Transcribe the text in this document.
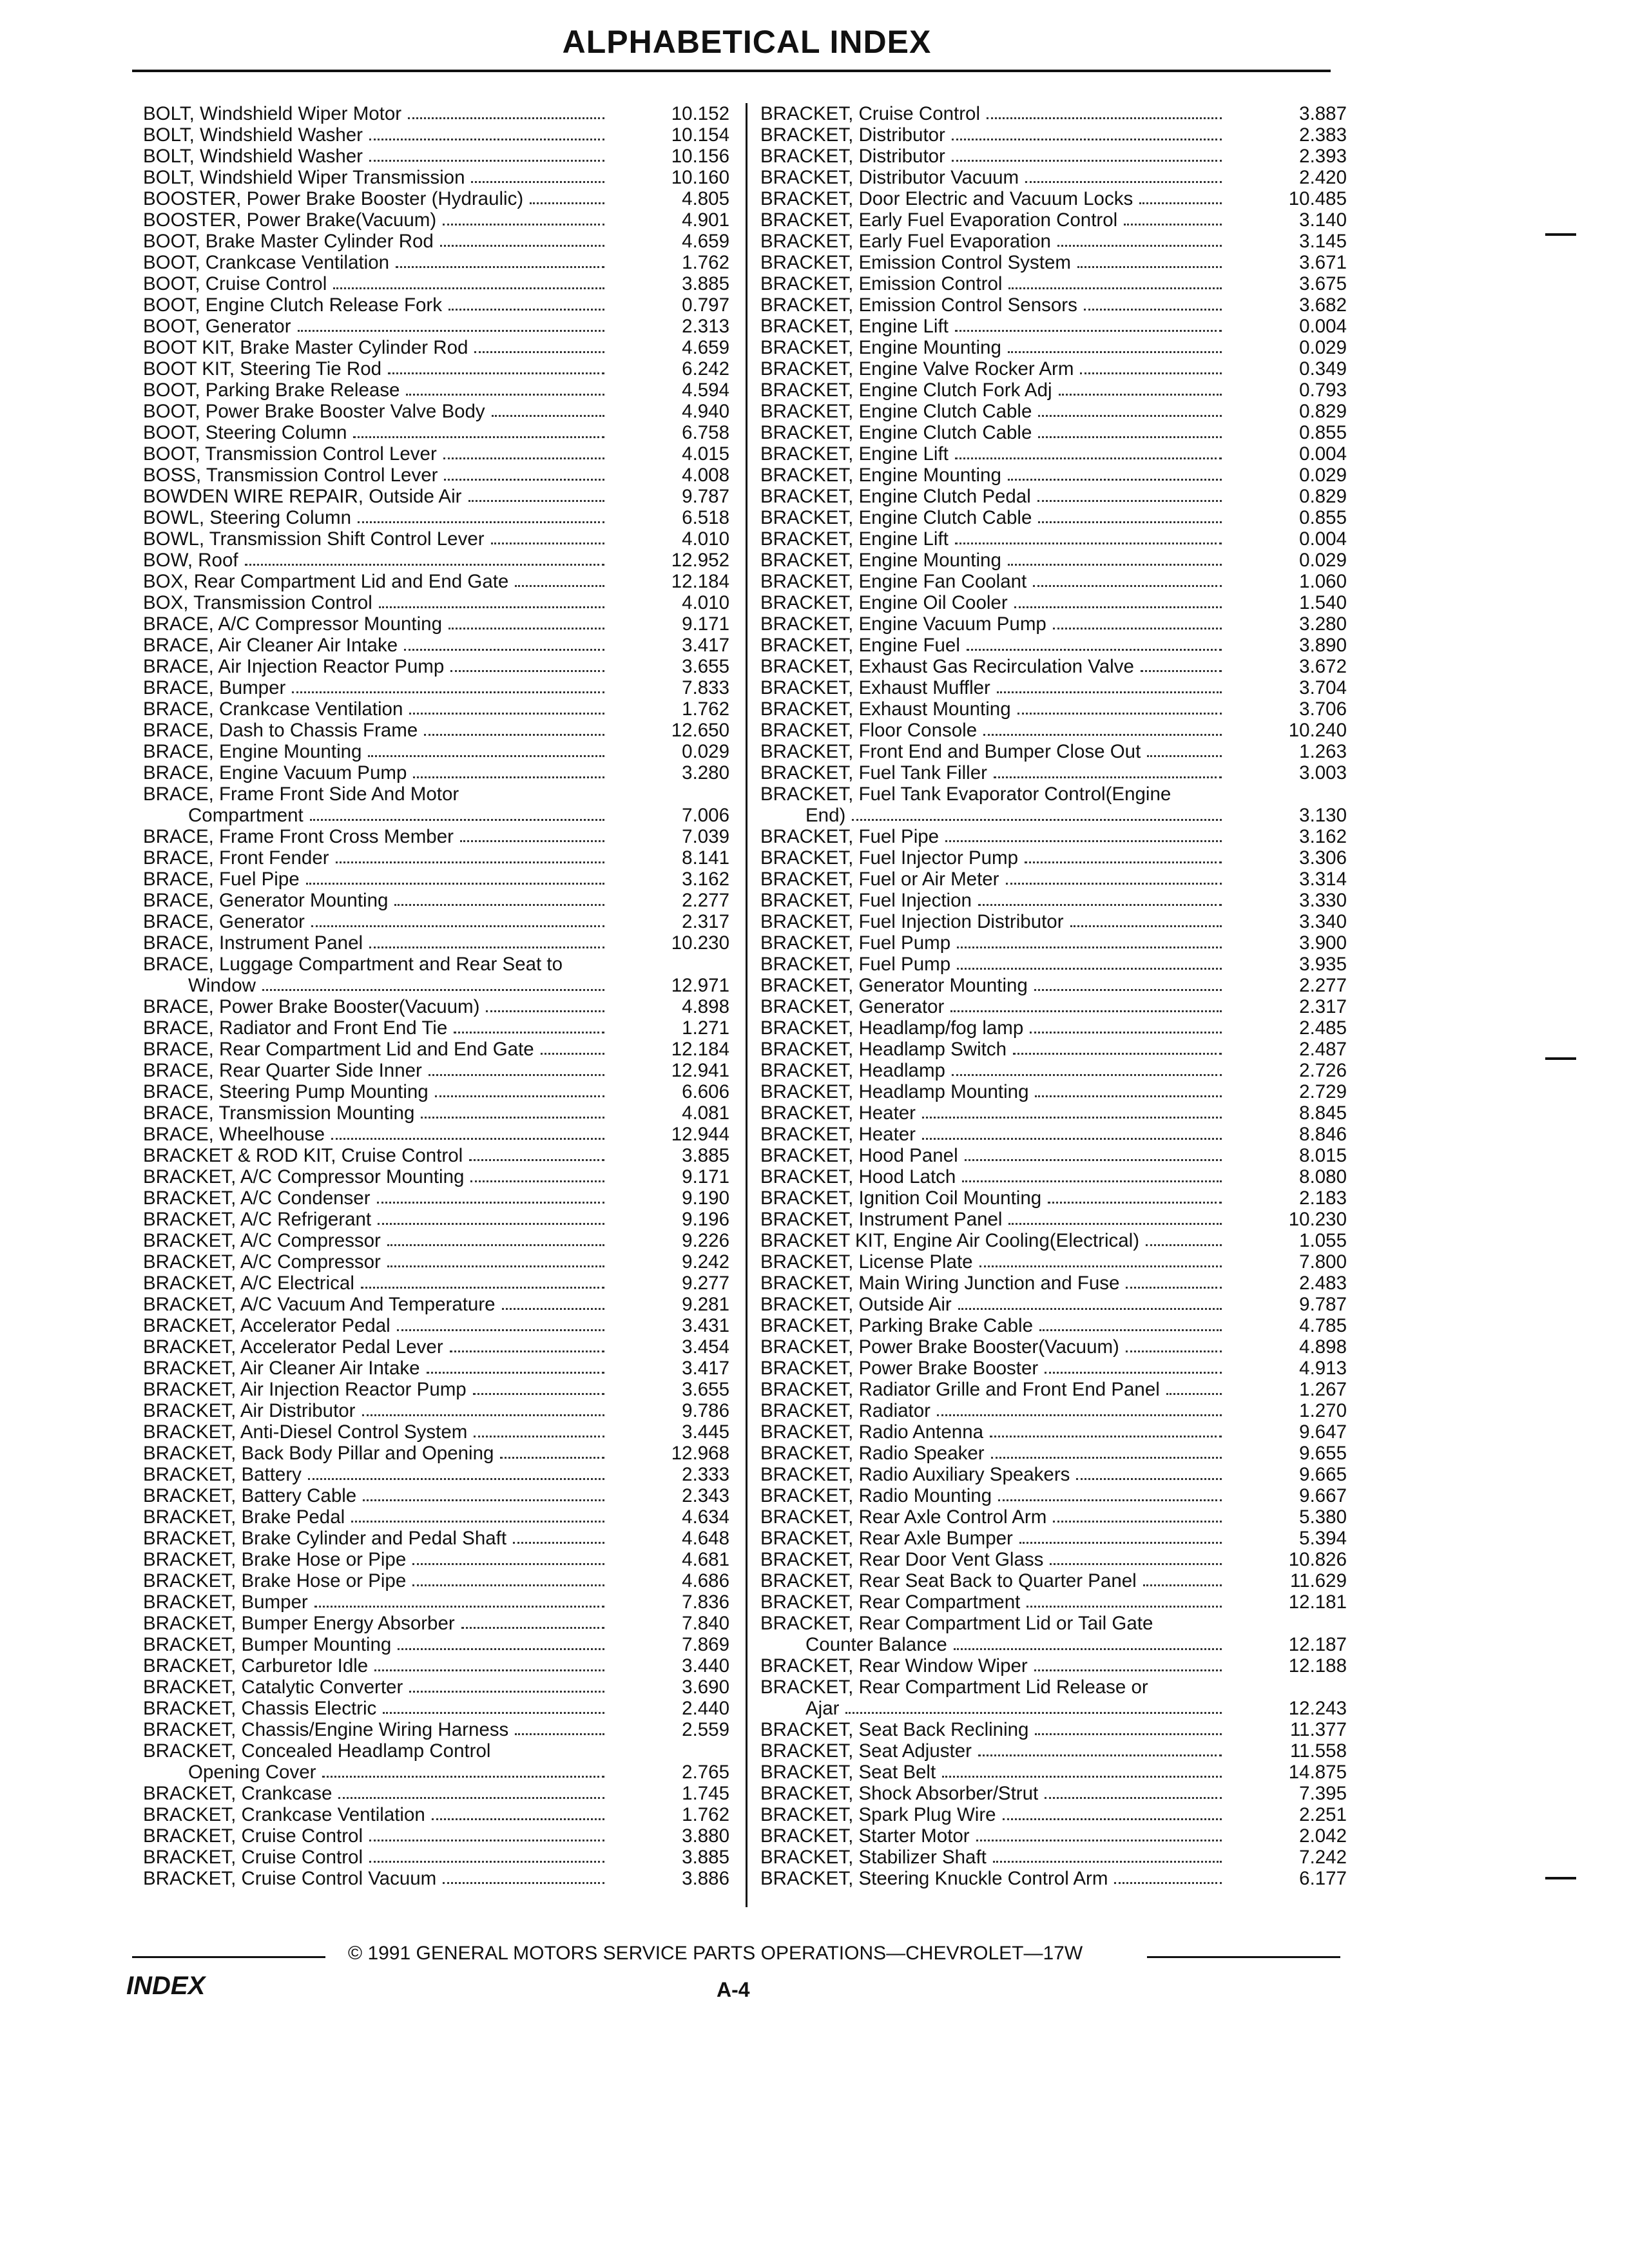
ALPHABETICAL INDEX
BOLT, Windshield Wiper Motor	10.152
BOLT, Windshield Washer	10.154
BOLT, Windshield Washer	10.156
BOLT, Windshield Wiper Transmission	10.160
BOOSTER, Power Brake Booster (Hydraulic)	4.805
BOOSTER, Power Brake(Vacuum)	4.901
BOOT, Brake Master Cylinder Rod	4.659
BOOT, Crankcase Ventilation	1.762
BOOT, Cruise Control	3.885
BOOT, Engine Clutch Release Fork	0.797
BOOT, Generator	2.313
BOOT KIT, Brake Master Cylinder Rod	4.659
BOOT KIT, Steering Tie Rod	6.242
BOOT, Parking Brake Release	4.594
BOOT, Power Brake Booster Valve Body	4.940
BOOT, Steering Column	6.758
BOOT, Transmission Control Lever	4.015
BOSS, Transmission Control Lever	4.008
BOWDEN WIRE REPAIR, Outside Air	9.787
BOWL, Steering Column	6.518
BOWL, Transmission Shift Control Lever	4.010
BOW, Roof	12.952
BOX, Rear Compartment Lid and End Gate	12.184
BOX, Transmission Control	4.010
BRACE, A/C Compressor Mounting	9.171
BRACE, Air Cleaner Air Intake	3.417
BRACE, Air Injection Reactor Pump	3.655
BRACE, Bumper	7.833
BRACE, Crankcase Ventilation	1.762
BRACE, Dash to Chassis Frame	12.650
BRACE, Engine Mounting	0.029
BRACE, Engine Vacuum Pump	3.280
BRACE, Frame Front Side And Motor
Compartment	7.006
BRACE, Frame Front Cross Member	7.039
BRACE, Front Fender	8.141
BRACE, Fuel Pipe	3.162
BRACE, Generator Mounting	2.277
BRACE, Generator	2.317
BRACE, Instrument Panel	10.230
BRACE, Luggage Compartment and Rear Seat to
Window	12.971
BRACE, Power Brake Booster(Vacuum)	4.898
BRACE, Radiator and Front End Tie	1.271
BRACE, Rear Compartment Lid and End Gate	12.184
BRACE, Rear Quarter Side Inner	12.941
BRACE, Steering Pump Mounting	6.606
BRACE, Transmission Mounting	4.081
BRACE, Wheelhouse	12.944
BRACKET & ROD KIT, Cruise Control	3.885
BRACKET, A/C Compressor Mounting	9.171
BRACKET, A/C Condenser	9.190
BRACKET, A/C Refrigerant	9.196
BRACKET, A/C Compressor	9.226
BRACKET, A/C Compressor	9.242
BRACKET, A/C Electrical	9.277
BRACKET, A/C Vacuum And Temperature	9.281
BRACKET, Accelerator Pedal	3.431
BRACKET, Accelerator Pedal Lever	3.454
BRACKET, Air Cleaner Air Intake	3.417
BRACKET, Air Injection Reactor Pump	3.655
BRACKET, Air Distributor	9.786
BRACKET, Anti-Diesel Control System	3.445
BRACKET, Back Body Pillar and Opening	12.968
BRACKET, Battery	2.333
BRACKET, Battery Cable	2.343
BRACKET, Brake Pedal	4.634
BRACKET, Brake Cylinder and Pedal Shaft	4.648
BRACKET, Brake Hose or Pipe	4.681
BRACKET, Brake Hose or Pipe	4.686
BRACKET, Bumper	7.836
BRACKET, Bumper Energy Absorber	7.840
BRACKET, Bumper Mounting	7.869
BRACKET, Carburetor Idle	3.440
BRACKET, Catalytic Converter	3.690
BRACKET, Chassis Electric	2.440
BRACKET, Chassis/Engine Wiring Harness	2.559
BRACKET, Concealed Headlamp Control
Opening Cover	2.765
BRACKET, Crankcase	1.745
BRACKET, Crankcase Ventilation	1.762
BRACKET, Cruise Control	3.880
BRACKET, Cruise Control	3.885
BRACKET, Cruise Control Vacuum	3.886
BRACKET, Cruise Control	3.887
BRACKET, Distributor	2.383
BRACKET, Distributor	2.393
BRACKET, Distributor Vacuum	2.420
BRACKET, Door Electric and Vacuum Locks	10.485
BRACKET, Early Fuel Evaporation Control	3.140
BRACKET, Early Fuel Evaporation	3.145
BRACKET, Emission Control System	3.671
BRACKET, Emission Control	3.675
BRACKET, Emission Control Sensors	3.682
BRACKET, Engine Lift	0.004
BRACKET, Engine Mounting	0.029
BRACKET, Engine Valve Rocker Arm	0.349
BRACKET, Engine Clutch Fork Adj	0.793
BRACKET, Engine Clutch Cable	0.829
BRACKET, Engine Clutch Cable	0.855
BRACKET, Engine Lift	0.004
BRACKET, Engine Mounting	0.029
BRACKET, Engine Clutch Pedal	0.829
BRACKET, Engine Clutch Cable	0.855
BRACKET, Engine Lift	0.004
BRACKET, Engine Mounting	0.029
BRACKET, Engine Fan Coolant	1.060
BRACKET, Engine Oil Cooler	1.540
BRACKET, Engine Vacuum Pump	3.280
BRACKET, Engine Fuel	3.890
BRACKET, Exhaust Gas Recirculation Valve	3.672
BRACKET, Exhaust Muffler	3.704
BRACKET, Exhaust Mounting	3.706
BRACKET, Floor Console	10.240
BRACKET, Front End and Bumper Close Out	1.263
BRACKET, Fuel Tank Filler	3.003
BRACKET, Fuel Tank Evaporator Control(Engine
End)	3.130
BRACKET, Fuel Pipe	3.162
BRACKET, Fuel Injector Pump	3.306
BRACKET, Fuel or Air Meter	3.314
BRACKET, Fuel Injection	3.330
BRACKET, Fuel Injection Distributor	3.340
BRACKET, Fuel Pump	3.900
BRACKET, Fuel Pump	3.935
BRACKET, Generator Mounting	2.277
BRACKET, Generator	2.317
BRACKET, Headlamp/fog lamp	2.485
BRACKET, Headlamp Switch	2.487
BRACKET, Headlamp	2.726
BRACKET, Headlamp Mounting	2.729
BRACKET, Heater	8.845
BRACKET, Heater	8.846
BRACKET, Hood Panel	8.015
BRACKET, Hood Latch	8.080
BRACKET, Ignition Coil Mounting	2.183
BRACKET, Instrument Panel	10.230
BRACKET KIT, Engine Air Cooling(Electrical)	1.055
BRACKET, License Plate	7.800
BRACKET, Main Wiring Junction and Fuse	2.483
BRACKET, Outside Air	9.787
BRACKET, Parking Brake Cable	4.785
BRACKET, Power Brake Booster(Vacuum)	4.898
BRACKET, Power Brake Booster	4.913
BRACKET, Radiator Grille and Front End Panel	1.267
BRACKET, Radiator	1.270
BRACKET, Radio Antenna	9.647
BRACKET, Radio Speaker	9.655
BRACKET, Radio Auxiliary Speakers	9.665
BRACKET, Radio Mounting	9.667
BRACKET, Rear Axle Control Arm	5.380
BRACKET, Rear Axle Bumper	5.394
BRACKET, Rear Door Vent Glass	10.826
BRACKET, Rear Seat Back to Quarter Panel	11.629
BRACKET, Rear Compartment	12.181
BRACKET, Rear Compartment Lid or Tail Gate
Counter Balance	12.187
BRACKET, Rear Window Wiper	12.188
BRACKET, Rear Compartment Lid Release or
Ajar	12.243
BRACKET, Seat Back Reclining	11.377
BRACKET, Seat Adjuster	11.558
BRACKET, Seat Belt	14.875
BRACKET, Shock Absorber/Strut	7.395
BRACKET, Spark Plug Wire	2.251
BRACKET, Starter Motor	2.042
BRACKET, Stabilizer Shaft	7.242
BRACKET, Steering Knuckle Control Arm	6.177
© 1991 GENERAL MOTORS SERVICE PARTS OPERATIONS—CHEVROLET—17W
INDEX	A-4
